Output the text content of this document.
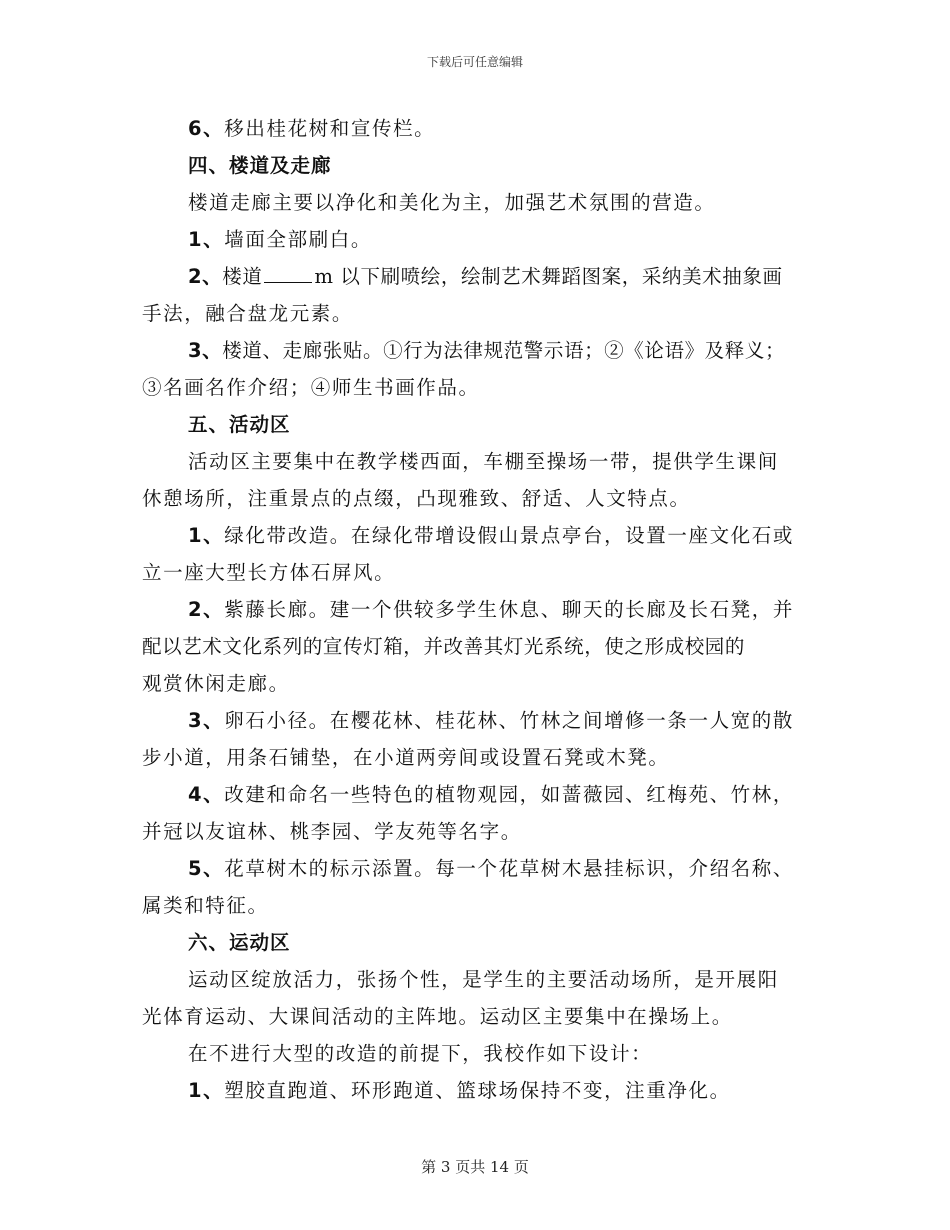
下载后可任意编辑
6、移出桂花树和宣传栏。
四、楼道及走廊
楼道走廊主要以净化和美化为主，加强艺术氛围的营造。
1、墙面全部刷白。
2、楼道	m 以下刷喷绘，绘制艺术舞蹈图案，采纳美术抽象画
手法，融合盘龙元素。
3、楼道、走廊张贴。①行为法律规范警示语；②《论语》及释义；
③名画名作介绍；④师生书画作品。
五、活动区
活动区主要集中在教学楼西面，车棚至操场一带，提供学生课间
休憩场所，注重景点的点缀，凸现雅致、舒适、人文特点。
1、绿化带改造。在绿化带增设假山景点亭台，设置一座文化石或
立一座大型长方体石屏风。
2、紫藤长廊。建一个供较多学生休息、聊天的长廊及长石凳，并
配以艺术文化系列的宣传灯箱，并改善其灯光系统，使之形成校园的
观赏休闲走廊。
3、卵石小径。在樱花林、桂花林、竹林之间增修一条一人宽的散
步小道，用条石铺垫，在小道两旁间或设置石凳或木凳。
4、改建和命名一些特色的植物观园，如蔷薇园、红梅苑、竹林，
并冠以友谊林、桃李园、学友苑等名字。
5、花草树木的标示添置。每一个花草树木悬挂标识，介绍名称、
属类和特征。
六、运动区
运动区绽放活力，张扬个性，是学生的主要活动场所，是开展阳
光体育运动、大课间活动的主阵地。运动区主要集中在操场上。
在不进行大型的改造的前提下，我校作如下设计：
1、塑胶直跑道、环形跑道、篮球场保持不变，注重净化。
第 3 页共 14 页
